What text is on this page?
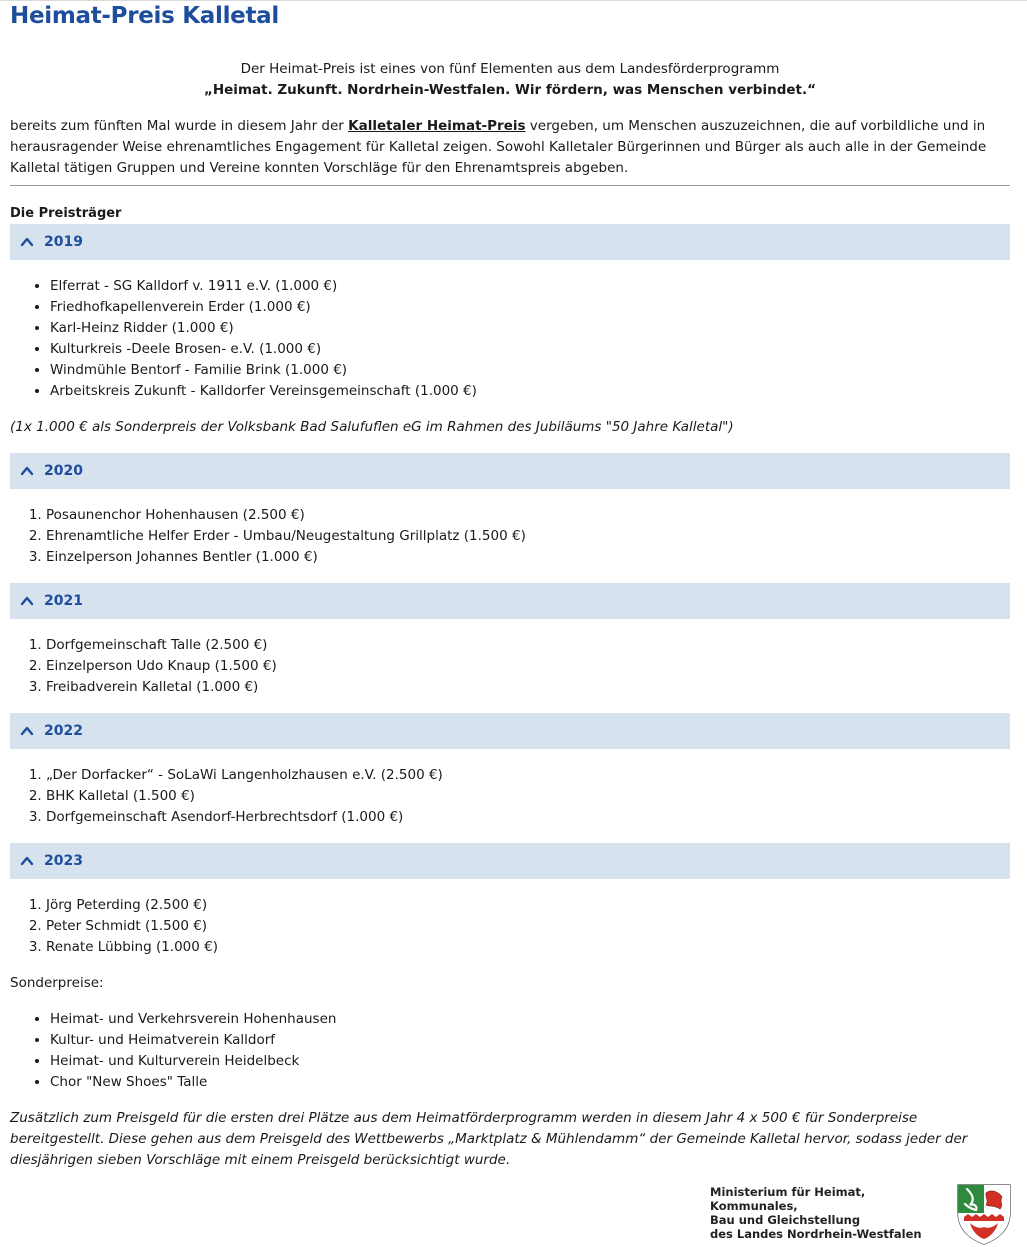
Heimat-Preis Kalletal

Der Heimat-Preis ist eines von fünf Elementen aus dem Landesförderprogramm

„Heimat. Zukunft. Nordrhein-Westfalen. Wir fördern, was Menschen verbindet.“

bereits zum fünften Mal wurde in diesem Jahr der Kalletaler Heimat-Preis vergeben, um Menschen auszuzeichnen, die auf vorbildliche und in herausragender Weise ehrenamtliches Engagement für Kalletal zeigen. Sowohl Kalletaler Bürgerinnen und Bürger als auch alle in der Gemeinde Kalletal tätigen Gruppen und Vereine konnten Vorschläge für den Ehrenamtspreis abgeben.

Die Preisträger
2019
• Elferrat - SG Kalldorf v. 1911 e.V. (1.000 €)
• Friedhofkapellenverein Erder (1.000 €)
• Karl-Heinz Ridder (1.000 €)
• Kulturkreis -Deele Brosen- e.V. (1.000 €)
• Windmühle Bentorf - Familie Brink (1.000 €)
• Arbeitskreis Zukunft - Kalldorfer Vereinsgemeinschaft (1.000 €)

(1x 1.000 € als Sonderpreis der Volksbank Bad Salufuflen eG im Rahmen des Jubiläums "50 Jahre Kalletal")

2020
1. Posaunenchor Hohenhausen (2.500 €)
2. Ehrenamtliche Helfer Erder - Umbau/Neugestaltung Grillplatz (1.500 €)
3. Einzelperson Johannes Bentler (1.000 €)
2021
1. Dorfgemeinschaft Talle (2.500 €)
2. Einzelperson Udo Knaup (1.500 €)
3. Freibadverein Kalletal (1.000 €)
2022
1. „Der Dorfacker“ - SoLaWi Langenholzhausen e.V. (2.500 €)
2. BHK Kalletal (1.500 €)
3. Dorfgemeinschaft Asendorf-Herbrechtsdorf (1.000 €)
2023
1. Jörg Peterding (2.500 €)
2. Peter Schmidt (1.500 €)
3. Renate Lübbing (1.000 €)

Sonderpreise:

• Heimat- und Verkehrsverein Hohenhausen
• Kultur- und Heimatverein Kalldorf
• Heimat- und Kulturverein Heidelbeck
• Chor "New Shoes" Talle

Zusätzlich zum Preisgeld für die ersten drei Plätze aus dem Heimatförderprogramm werden in diesem Jahr 4 x 500 € für Sonderpreise bereitgestellt. Diese gehen aus dem Preisgeld des Wettbewerbs „Marktplatz & Mühlendamm“ der Gemeinde Kalletal hervor, sodass jeder der diesjährigen sieben Vorschläge mit einem Preisgeld berücksichtigt wurde.

Ministerium für Heimat, Kommunales,
Bau und Gleichstellung
des Landes Nordrhein-Westfalen
